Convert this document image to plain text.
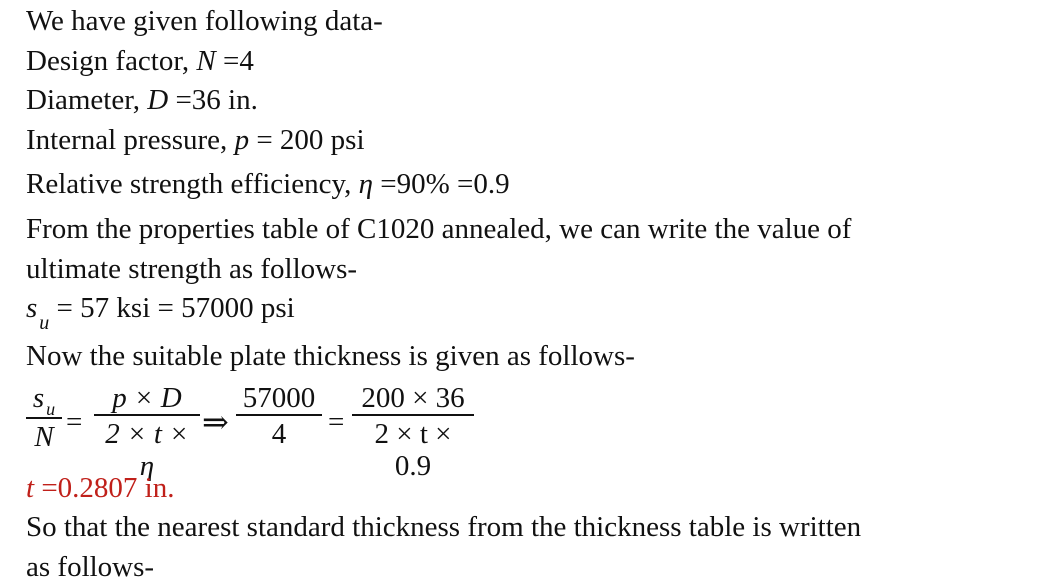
We have given following data-
Design factor, N =4
Diameter, D =36 in.
Internal pressure, p = 200 psi
Relative strength efficiency, η =90% =0.9
From the properties table of C1020 annealed, we can write the value of
ultimate strength as follows-
s $_u$ = 57 ksi = 57000 psi
Now the suitable plate thickness is given as follows-
$\frac{s _u}{N} = \frac{p \times D}{2 \times t \times \eta}$ ⇒ $\frac{57000}{4} = \frac{200 \times 36}{2 \times t \times 0.9}$
t =0.2807 in.
So that the nearest standard thickness from the thickness table is written
as follows-
